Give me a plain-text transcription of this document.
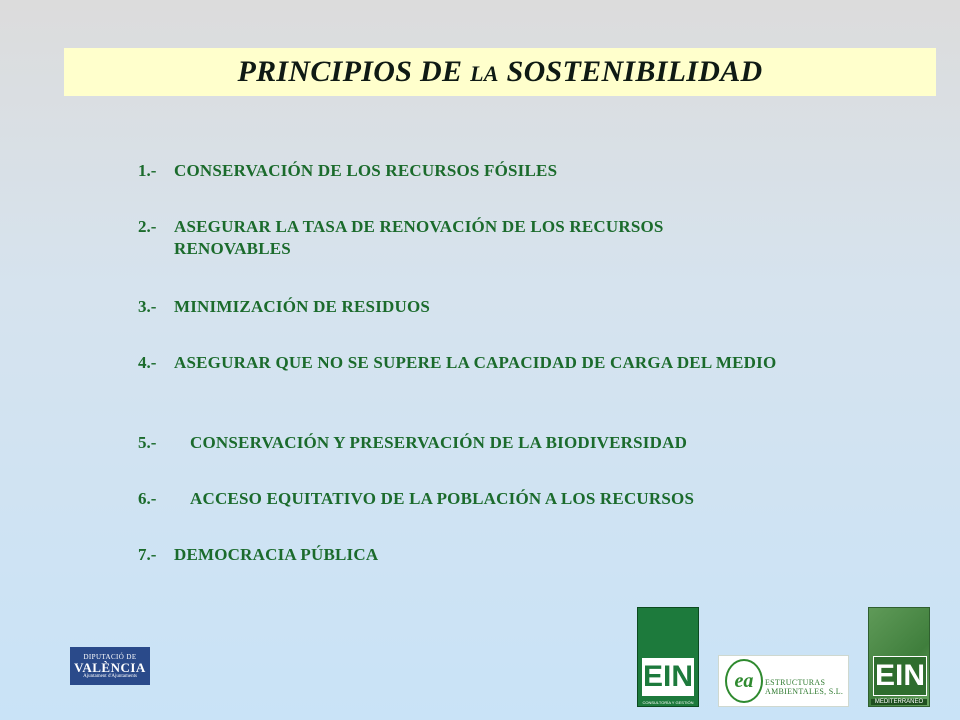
PRINCIPIOS DE LA SOSTENIBILIDAD
1.- CONSERVACIÓN DE LOS RECURSOS FÓSILES
2.- ASEGURAR LA TASA DE RENOVACIÓN DE LOS RECURSOS RENOVABLES
3.- MINIMIZACIÓN DE RESIDUOS
4.- ASEGURAR QUE NO SE SUPERE LA CAPACIDAD DE CARGA DEL MEDIO
5.- CONSERVACIÓN Y PRESERVACIÓN DE LA BIODIVERSIDAD
6.- ACCESO EQUITATIVO DE LA POBLACIÓN A LOS RECURSOS
7.- DEMOCRACIA PÚBLICA
DIPUTACIÓ DE
VALÈNCIA
Ajuntament d'Ajuntaments	EIN
CONSULTORÍA Y GESTIÓN
ea	ESTRUCTURAS AMBIENTALES, S.L. EIN
MEDITERRANEO
